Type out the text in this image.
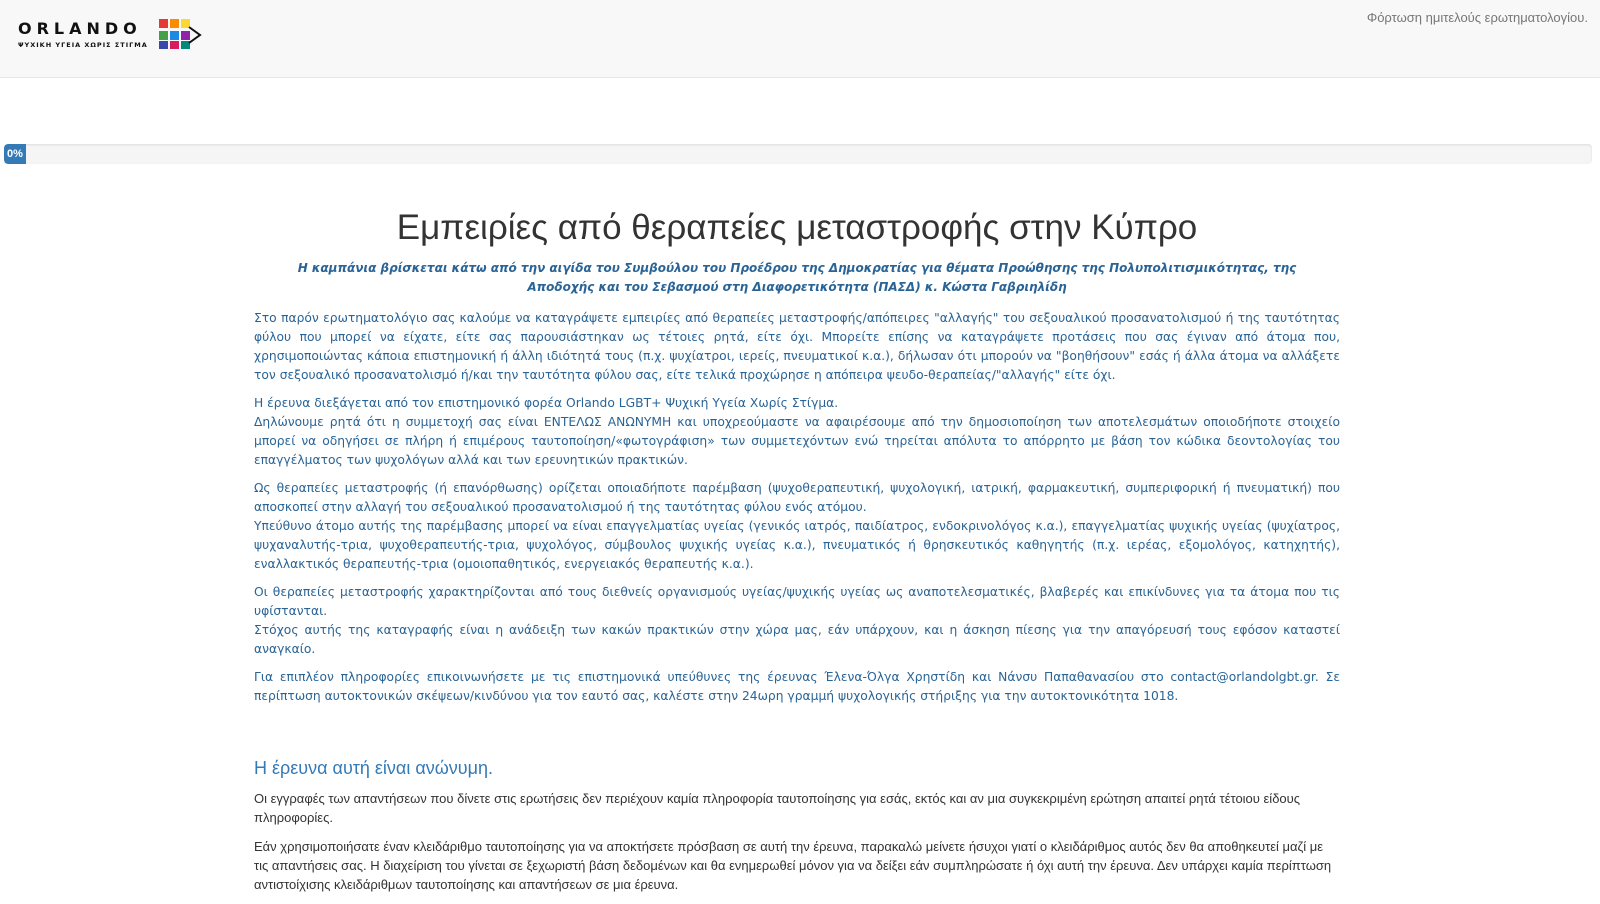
ORLANDO
ΨΥΧΙΚΗ ΥΓΕΙΑ ΧΩΡΙΣ ΣΤΙΓΜΑ
Φόρτωση ημιτελούς ερωτηματολογίου.
0%
Εμπειρίες από θεραπείες μεταστροφής στην Κύπρο
Η καμπάνια βρίσκεται κάτω από την αιγίδα του Συμβούλου του Προέδρου της Δημοκρατίας για θέματα Προώθησης της Πολυπολιτισμικότητας, της Αποδοχής και του Σεβασμού στη Διαφορετικότητα (ΠΑΣΔ) κ. Κώστα Γαβριηλίδη

Στο παρόν ερωτηματολόγιο σας καλούμε να καταγράψετε εμπειρίες από θεραπείες μεταστροφής/απόπειρες "αλλαγής" του σεξουαλικού προσανατολισμού ή της ταυτότητας φύλου που μπορεί να είχατε, είτε σας παρουσιάστηκαν ως τέτοιες ρητά, είτε όχι. Μπορείτε επίσης να καταγράψετε προτάσεις που σας έγιναν από άτομα που, χρησιμοποιώντας κάποια επιστημονική ή άλλη ιδιότητά τους (π.χ. ψυχίατροι, ιερείς, πνευματικοί κ.α.), δήλωσαν ότι μπορούν να "βοηθήσουν" εσάς ή άλλα άτομα να αλλάξετε τον σεξουαλικό προσανατολισμό ή/και την ταυτότητα φύλου σας, είτε τελικά προχώρησε η απόπειρα ψευδο-θεραπείας/"αλλαγής" είτε όχι.

Η έρευνα διεξάγεται από τον επιστημονικό φορέα Orlando LGBT+ Ψυχική Υγεία Χωρίς Στίγμα.
Δηλώνουμε ρητά ότι η συμμετοχή σας είναι ΕΝΤΕΛΩΣ ΑΝΩΝΥΜΗ και υποχρεούμαστε να αφαιρέσουμε από την δημοσιοποίηση των αποτελεσμάτων οποιοδήποτε στοιχείο μπορεί να οδηγήσει σε πλήρη ή επιμέρους ταυτοποίηση/«φωτογράφιση» των συμμετεχόντων ενώ τηρείται απόλυτα το απόρρητο με βάση τον κώδικα δεοντολογίας του επαγγέλματος των ψυχολόγων αλλά και των ερευνητικών πρακτικών.

Ως θεραπείες μεταστροφής (ή επανόρθωσης) ορίζεται οποιαδήποτε παρέμβαση (ψυχοθεραπευτική, ψυχολογική, ιατρική, φαρμακευτική, συμπεριφορική ή πνευματική) που αποσκοπεί στην αλλαγή του σεξουαλικού προσανατολισμού ή της ταυτότητας φύλου ενός ατόμου.
Υπεύθυνο άτομο αυτής της παρέμβασης μπορεί να είναι επαγγελματίας υγείας (γενικός ιατρός, παιδίατρος, ενδοκρινολόγος κ.α.), επαγγελματίας ψυχικής υγείας (ψυχίατρος, ψυχαναλυτής-τρια, ψυχοθεραπευτής-τρια, ψυχολόγος, σύμβουλος ψυχικής υγείας κ.α.), πνευματικός ή θρησκευτικός καθηγητής (π.χ. ιερέας, εξομολόγος, κατηχητής), εναλλακτικός θεραπευτής-τρια (ομοιοπαθητικός, ενεργειακός θεραπευτής κ.α.).

Οι θεραπείες μεταστροφής χαρακτηρίζονται από τους διεθνείς οργανισμούς υγείας/ψυχικής υγείας ως αναποτελεσματικές, βλαβερές και επικίνδυνες για τα άτομα που τις υφίστανται.
Στόχος αυτής της καταγραφής είναι η ανάδειξη των κακών πρακτικών στην χώρα μας, εάν υπάρχουν, και η άσκηση πίεσης για την απαγόρευσή τους εφόσον καταστεί αναγκαίο.

Για επιπλέον πληροφορίες επικοινωνήσετε με τις επιστημονικά υπεύθυνες της έρευνας Έλενα-Όλγα Χρηστίδη και Νάνσυ Παπαθανασίου στο contact@orlandolgbt.gr. Σε περίπτωση αυτοκτονικών σκέψεων/κινδύνου για τον εαυτό σας, καλέστε στην 24ωρη γραμμή ψυχολογικής στήριξης για την αυτοκτονικότητα 1018.

Η έρευνα αυτή είναι ανώνυμη.

Οι εγγραφές των απαντήσεων που δίνετε στις ερωτήσεις δεν περιέχουν καμία πληροφορία ταυτοποίησης για εσάς, εκτός και αν μια συγκεκριμένη ερώτηση απαιτεί ρητά τέτοιου είδους πληροφορίες.

Εάν χρησιμοποιήσατε έναν κλειδάριθμο ταυτοποίησης για να αποκτήσετε πρόσβαση σε αυτή την έρευνα, παρακαλώ μείνετε ήσυχοι γιατί ο κλειδάριθμος αυτός δεν θα αποθηκευτεί μαζί με τις απαντήσεις σας. Η διαχείριση του γίνεται σε ξεχωριστή βάση δεδομένων και θα ενημερωθεί μόνον για να δείξει εάν συμπληρώσατε ή όχι αυτή την έρευνα. Δεν υπάρχει καμία περίπτωση αντιστοίχισης κλειδάριθμων ταυτοποίησης και απαντήσεων σε μια έρευνα.
